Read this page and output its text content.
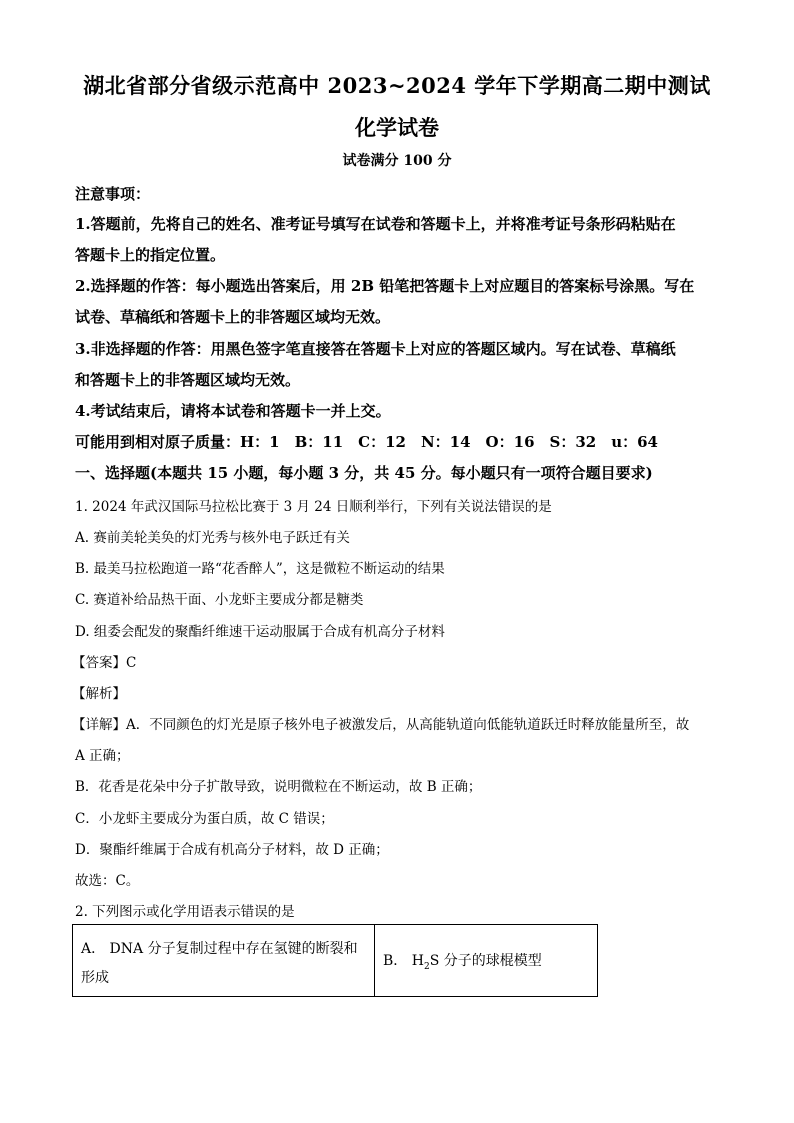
湖北省部分省级示范高中 2023~2024 学年下学期高二期中测试
化学试卷
试卷满分 100 分
注意事项：
1.答题前，先将自己的姓名、准考证号填写在试卷和答题卡上，并将准考证号条形码粘贴在
答题卡上的指定位置。
2.选择题的作答：每小题选出答案后，用 2B 铅笔把答题卡上对应题目的答案标号涂黑。写在
试卷、草稿纸和答题卡上的非答题区域均无效。
3.非选择题的作答：用黑色签字笔直接答在答题卡上对应的答题区域内。写在试卷、草稿纸
和答题卡上的非答题区域均无效。
4.考试结束后，请将本试卷和答题卡一并上交。
可能用到相对原子质量：H：1　B：11　C：12　N：14　O：16　S：32　u：64
一、选择题(本题共 15 小题，每小题 3 分，共 45 分。每小题只有一项符合题目要求)
1. 2024 年武汉国际马拉松比赛于 3 月 24 日顺利举行，下列有关说法错误的是
A. 赛前美轮美奂的灯光秀与核外电子跃迁有关
B. 最美马拉松跑道一路“花香醉人”，这是微粒不断运动的结果
C. 赛道补给品热干面、小龙虾主要成分都是糖类
D. 组委会配发的聚酯纤维速干运动服属于合成有机高分子材料
【答案】C
【解析】
【详解】A．不同颜色的灯光是原子核外电子被激发后，从高能轨道向低能轨道跃迁时释放能量所至，故
A 正确；
B．花香是花朵中分子扩散导致，说明微粒在不断运动，故 B 正确；
C．小龙虾主要成分为蛋白质，故 C 错误；
D．聚酯纤维属于合成有机高分子材料，故 D 正确；
故选：C。
2. 下列图示或化学用语表示错误的是
A． DNA 分子复制过程中存在氢键的断裂和
形成
B． $H_2S$ 分子的球棍模型
